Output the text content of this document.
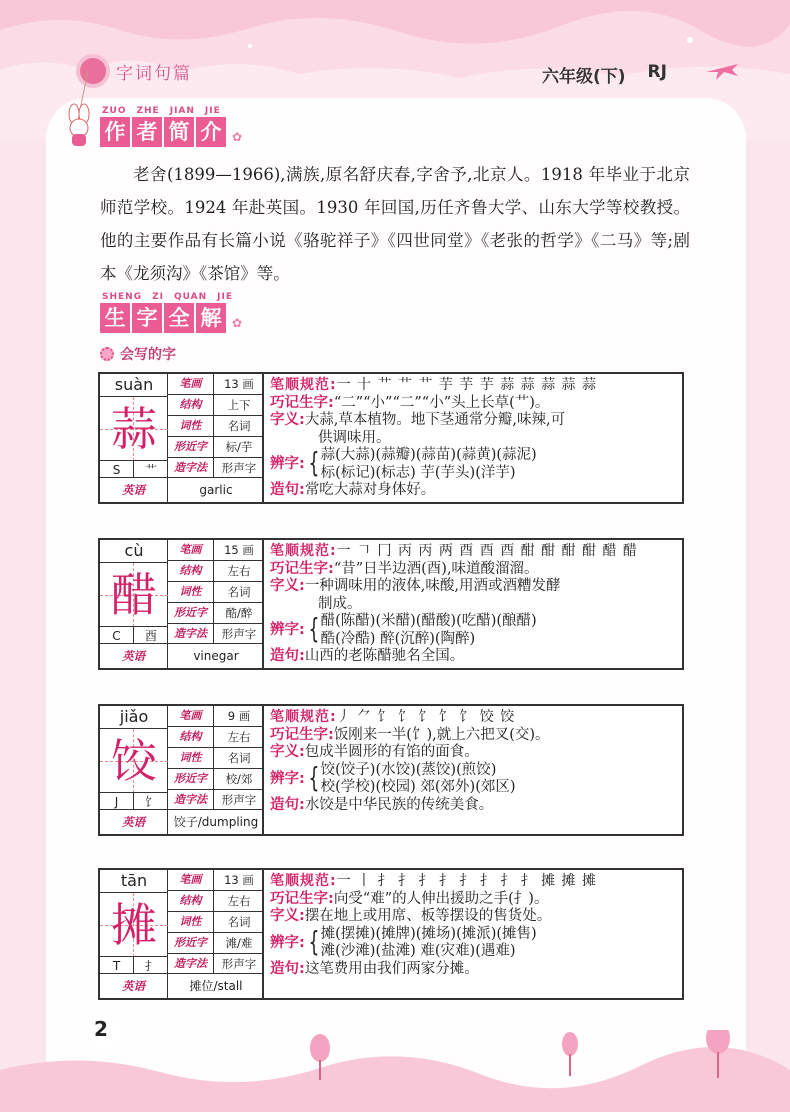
字词句篇	六年级(下) RJ
ZUO ZHE JIAN JIE
作 者 简 介 ✿

老舍(1899—1966),满族,原名舒庆春,字舍予,北京人。1918 年毕业于北京师范学校。1924 年赴英国。1930 年回国,历任齐鲁大学、山东大学等校教授。他的主要作品有长篇小说《骆驼祥子》《四世同堂》《老张的哲学》《二马》等;剧本《龙须沟》《茶馆》等。

SHENG ZI QUAN JIE
生 字 全 解 ✿
会写的字
suàn
蒜
S	艹
笔画	13 画
结构	上下
词性	名词
形近字	标/芋
造字法	形声字
英语	garlic
笔顺规范:一 十 艹 艹 艹 芋 芋 芋 蒜 蒜 蒜 蒜 蒜
巧记生字:“二”“小”“二”“小”头上长草(艹)。
字义:大蒜,草本植物。地下茎通常分瓣,味辣,可
供调味用。
辨字: { 蒜(大蒜)(蒜瓣)(蒜苗)(蒜黄)(蒜泥)
标(标记)(标志) 芋(芋头)(洋芋)
造句:常吃大蒜对身体好。
cù
醋
C	酉
笔画	15 画
结构	左右
词性	名词
形近字	酷/醉
造字法	形声字
英语	vinegar
笔顺规范:一 𠃍 冂 丙 丙 两 酉 酉 酉 酣 酣 酣 酣 醋 醋
巧记生字:“昔”日半边酒(酉),味道酸溜溜。
字义:一种调味用的液体,味酸,用酒或酒糟发酵
制成。
辨字: { 醋(陈醋)(米醋)(醋酸)(吃醋)(酿醋)
酷(冷酷) 醉(沉醉)(陶醉)
造句:山西的老陈醋驰名全国。
jiǎo
饺
J	饣
笔画	9 画
结构	左右
词性	名词
形近字	校/郊
造字法	形声字
英语	饺子/dumpling
笔顺规范:丿 ⺈ 饣 饣 饣 饣 饣 饺 饺
巧记生字:饭刚来一半(饣),就上六把叉(交)。
字义:包成半圆形的有馅的面食。
辨字: { 饺(饺子)(水饺)(蒸饺)(煎饺)
校(学校)(校园) 郊(郊外)(郊区)
造句:水饺是中华民族的传统美食。
tān
摊
T	扌
笔画	13 画
结构	左右
词性	名词
形近字	滩/难
造字法	形声字
英语	摊位/stall
笔顺规范:一 丨 扌 扌 扌 扌 扌 扌 扌 扌 摊 摊 摊
巧记生字:向受“难”的人伸出援助之手(扌)。
字义:摆在地上或用席、板等摆设的售货处。
辨字: { 摊(摆摊)(摊牌)(摊场)(摊派)(摊售)
滩(沙滩)(盐滩) 难(灾难)(遇难)
造句:这笔费用由我们两家分摊。
2
